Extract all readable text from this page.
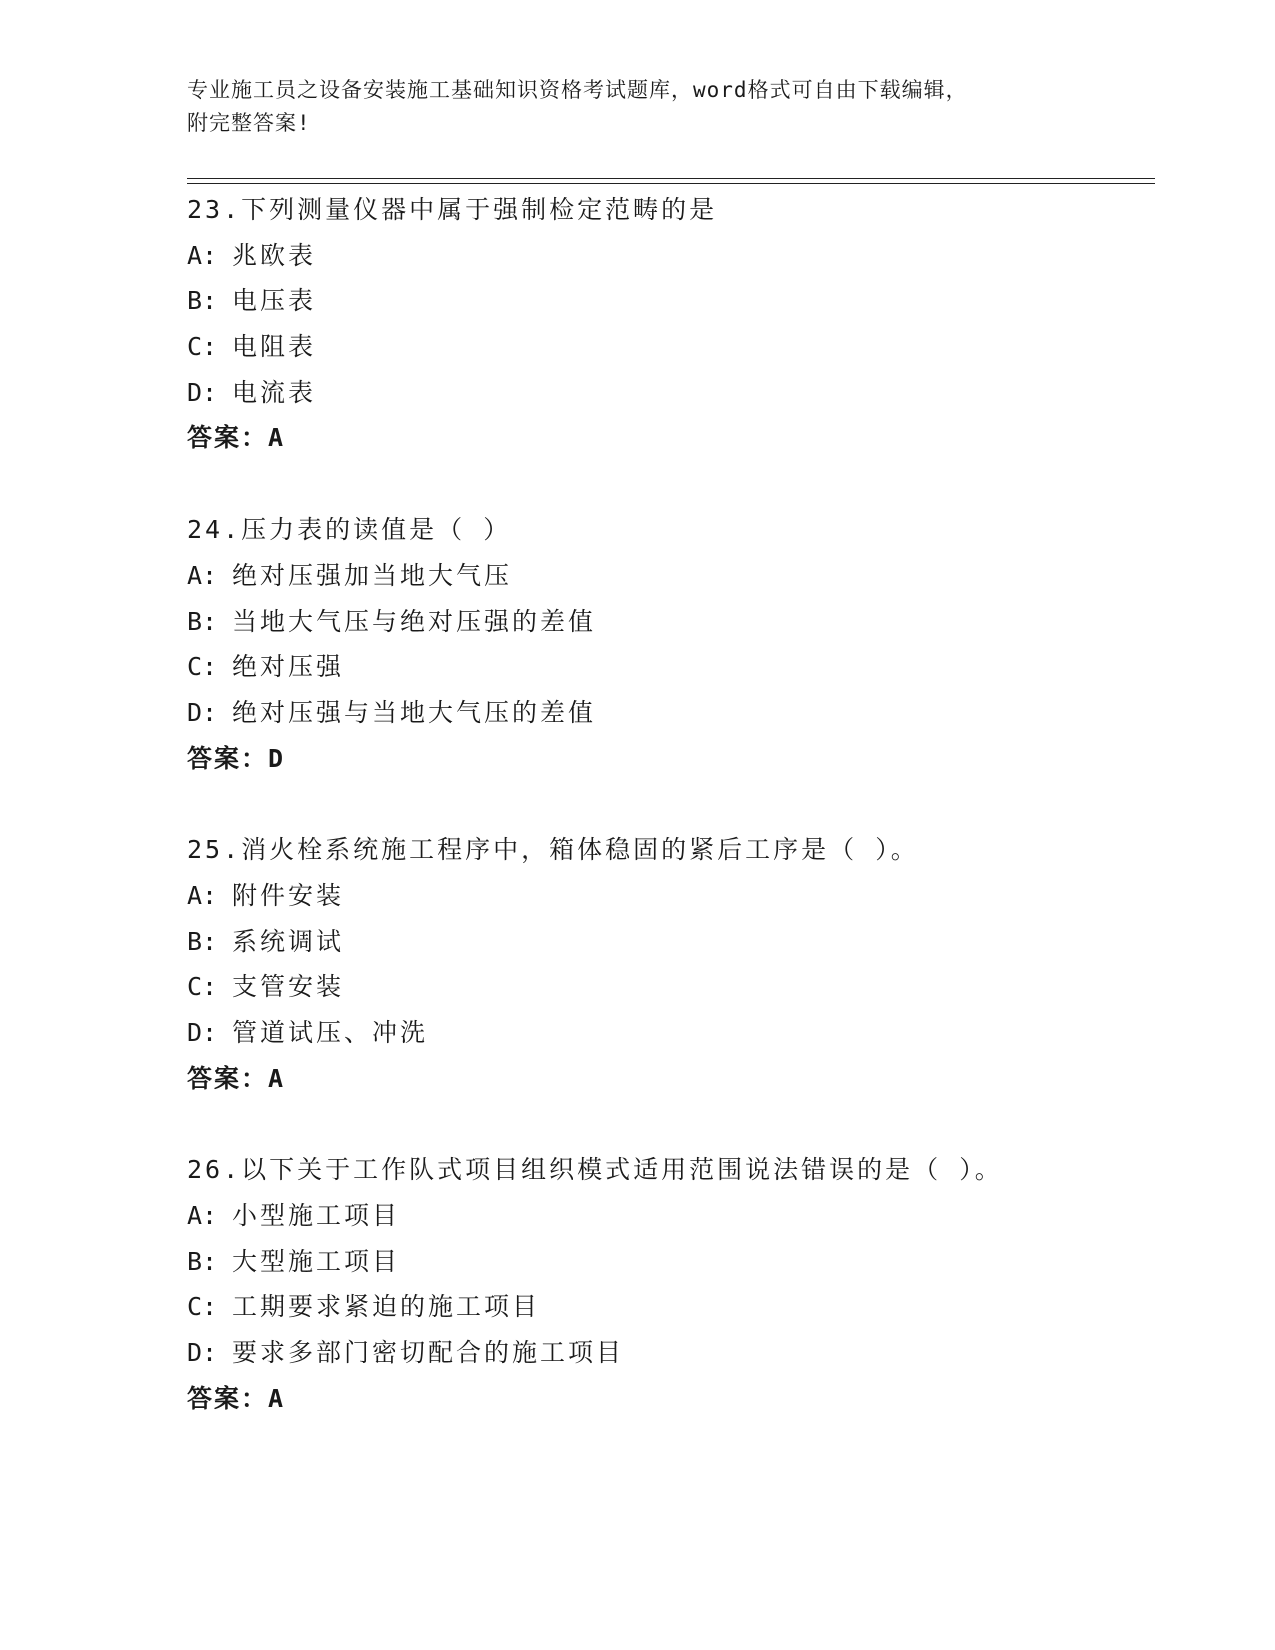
专业施工员之设备安装施工基础知识资格考试题库，word格式可自由下载编辑，
附完整答案!
23.下列测量仪器中属于强制检定范畴的是
A: 兆欧表
B: 电压表
C: 电阻表
D: 电流表
答案：A
24.压力表的读值是（ ）
A: 绝对压强加当地大气压
B: 当地大气压与绝对压强的差值
C: 绝对压强
D: 绝对压强与当地大气压的差值
答案：D
25.消火栓系统施工程序中，箱体稳固的紧后工序是（ ）。
A: 附件安装
B: 系统调试
C: 支管安装
D: 管道试压、冲洗
答案：A
26.以下关于工作队式项目组织模式适用范围说法错误的是（ ）。
A: 小型施工项目
B: 大型施工项目
C: 工期要求紧迫的施工项目
D: 要求多部门密切配合的施工项目
答案：A
